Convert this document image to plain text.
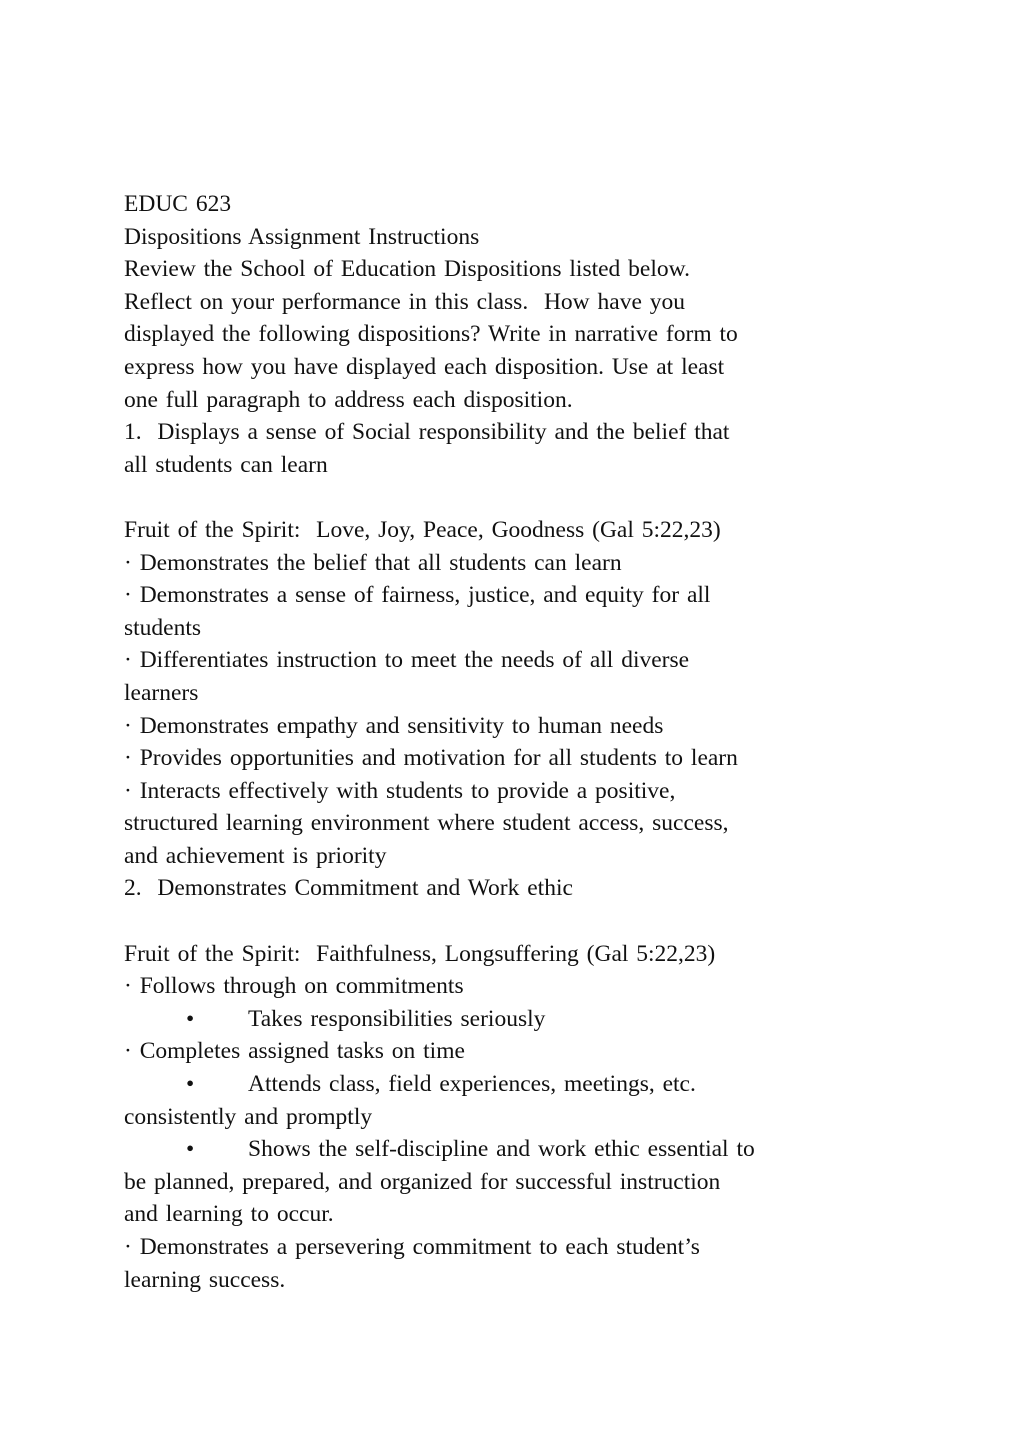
EDUC 623
Dispositions Assignment Instructions
Review the School of Education Dispositions listed below.
Reflect on your performance in this class.  How have you
displayed the following dispositions? Write in narrative form to
express how you have displayed each disposition. Use at least
one full paragraph to address each disposition.
1.  Displays a sense of Social responsibility and the belief that
all students can learn
Fruit of the Spirit:  Love, Joy, Peace, Goodness (Gal 5:22,23)
· Demonstrates the belief that all students can learn
· Demonstrates a sense of fairness, justice, and equity for all
students
· Differentiates instruction to meet the needs of all diverse
learners
· Demonstrates empathy and sensitivity to human needs
· Provides opportunities and motivation for all students to learn
· Interacts effectively with students to provide a positive,
structured learning environment where student access, success,
and achievement is priority
2.  Demonstrates Commitment and Work ethic
Fruit of the Spirit:  Faithfulness, Longsuffering (Gal 5:22,23)
· Follows through on commitments

•

Takes responsibilities seriously

· Completes assigned tasks on time

•

Attends class, field experiences, meetings, etc.

consistently and promptly

•

Shows the self-discipline and work ethic essential to

be planned, prepared, and organized for successful instruction
and learning to occur.
· Demonstrates a persevering commitment to each student’s
learning success.
